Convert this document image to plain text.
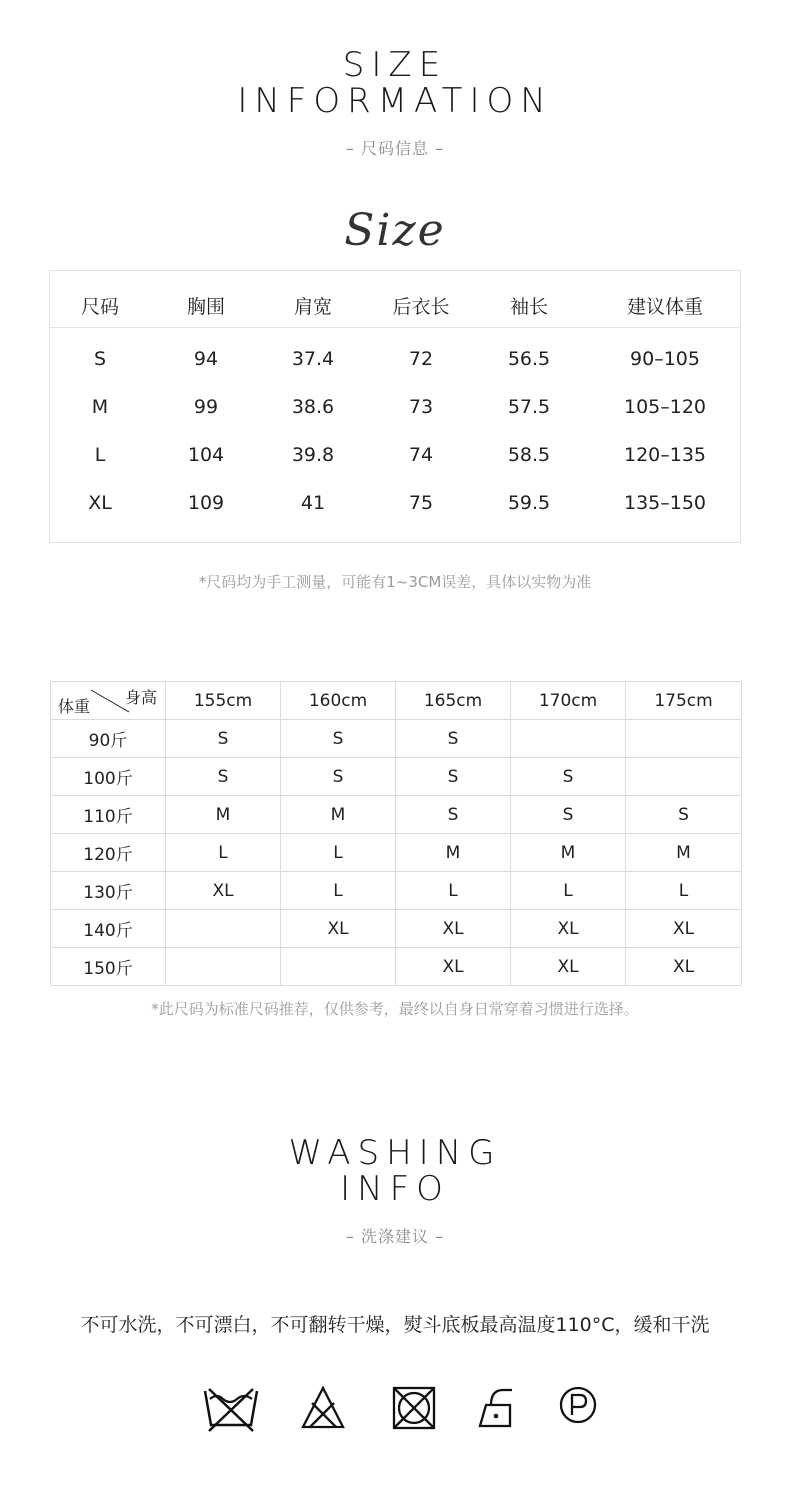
SIZE
INFORMATION
– 尺码信息 –
Size
尺码	胸围	肩宽	后衣长	袖长	建议体重
S	94	37.4	72	56.5	90–105
M	99	38.6	73	57.5	105–120
L	104	39.8	74	58.5	120–135
XL	109	41	75	59.5	135–150
*尺码均为手工测量，可能有1~3CM误差，具体以实物为准
身高
体重	155cm	160cm	165cm	170cm	175cm
90斤	S	S	S		
100斤	S	S	S	S	
110斤	M	M	S	S	S
120斤	L	L	M	M	M
130斤	XL	L	L	L	L
140斤		XL	XL	XL	XL
150斤			XL	XL	XL
*此尺码为标准尺码推荐，仅供参考，最终以自身日常穿着习惯进行选择。
WASHING
INFO
– 洗涤建议 –
不可水洗，不可漂白，不可翻转干燥，熨斗底板最高温度110°C，缓和干洗
